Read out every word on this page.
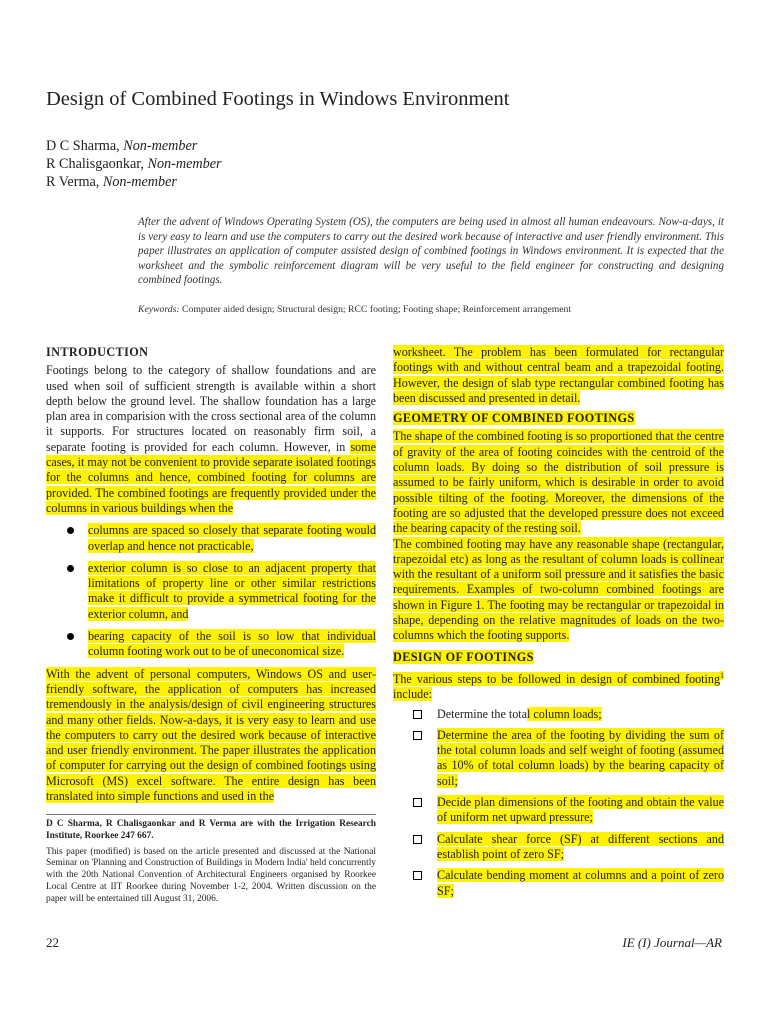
Design of Combined Footings in Windows Environment
D C Sharma, Non-member
R Chalisgaonkar, Non-member
R Verma, Non-member
After the advent of Windows Operating System (OS), the computers are being used in almost all human endeavours. Now-a-days, it is very easy to learn and use the computers to carry out the desired work because of interactive and user friendly environment. This paper illustrates an application of computer assisted design of combined footings in Windows environment. It is expected that the worksheet and the symbolic reinforcement diagram will be very useful to the field engineer for constructing and designing combined footings.
Keywords: Computer aided design; Structural design; RCC footing; Footing shape; Reinforcement arrangement
INTRODUCTION

Footings belong to the category of shallow foundations and are used when soil of sufficient strength is available within a short depth below the ground level. The shallow foundation has a large plan area in comparision with the cross sectional area of the column it supports. For structures located on reasonably firm soil, a separate footing is provided for each column. However, in some cases, it may not be convenient to provide separate isolated footings for the columns and hence, combined footing for columns are provided. The combined footings are frequently provided under the columns in various buildings when the

columns are spaced so closely that separate footing would overlap and hence not practicable,
exterior column is so close to an adjacent property that limitations of property line or other similar restrictions make it difficult to provide a symmetrical footing for the exterior column, and
bearing capacity of the soil is so low that individual column footing work out to be of uneconomical size.

With the advent of personal computers, Windows OS and user-friendly software, the application of computers has increased tremendously in the analysis/design of civil engineering structures and many other fields. Now-a-days, it is very easy to learn and use the computers to carry out the desired work because of interactive and user friendly environment. The paper illustrates the application of computer for carrying out the design of combined footings using Microsoft (MS) excel software. The entire design has been translated into simple functions and used in the

D C Sharma, R Chalisgaonkar and R Verma are with the Irrigation Research Institute, Roorkee 247 667.
This paper (modified) is based on the article presented and discussed at the National Seminar on 'Planning and Construction of Buildings in Modern India' held concurrently with the 20th National Convention of Architectural Engineers organised by Roorkee Local Centre at IIT Roorkee during November 1-2, 2004. Written discussion on the paper will be entertained till August 31, 2006.

worksheet. The problem has been formulated for rectangular footings with and without central beam and a trapezoidal footing. However, the design of slab type rectangular combined footing has been discussed and presented in detail.

GEOMETRY OF COMBINED FOOTINGS

The shape of the combined footing is so proportioned that the centre of gravity of the area of footing coincides with the centroid of the column loads. By doing so the distribution of soil pressure is assumed to be fairly uniform, which is desirable in order to avoid possible tilting of the footing. Moreover, the dimensions of the footing are so adjusted that the developed pressure does not exceed the bearing capacity of the resting soil.

The combined footing may have any reasonable shape (rectangular, trapezoidal etc) as long as the resultant of column loads is collinear with the resultant of a uniform soil pressure and it satisfies the basic requirements. Examples of two-column combined footings are shown in Figure 1. The footing may be rectangular or trapezoidal in shape, depending on the relative magnitudes of loads on the two-columns which the footing supports.

DESIGN OF FOOTINGS

The various steps to be followed in design of combined footing$^1$ include:

Determine the total column loads;
Determine the area of the footing by dividing the sum of the total column loads and self weight of footing (assumed as 10% of total column loads) by the bearing capacity of soil;
Decide plan dimensions of the footing and obtain the value of uniform net upward pressure;
Calculate shear force (SF) at different sections and establish point of zero SF;
Calculate bending moment at columns and a point of zero SF;
22	IE (I) Journal—AR
